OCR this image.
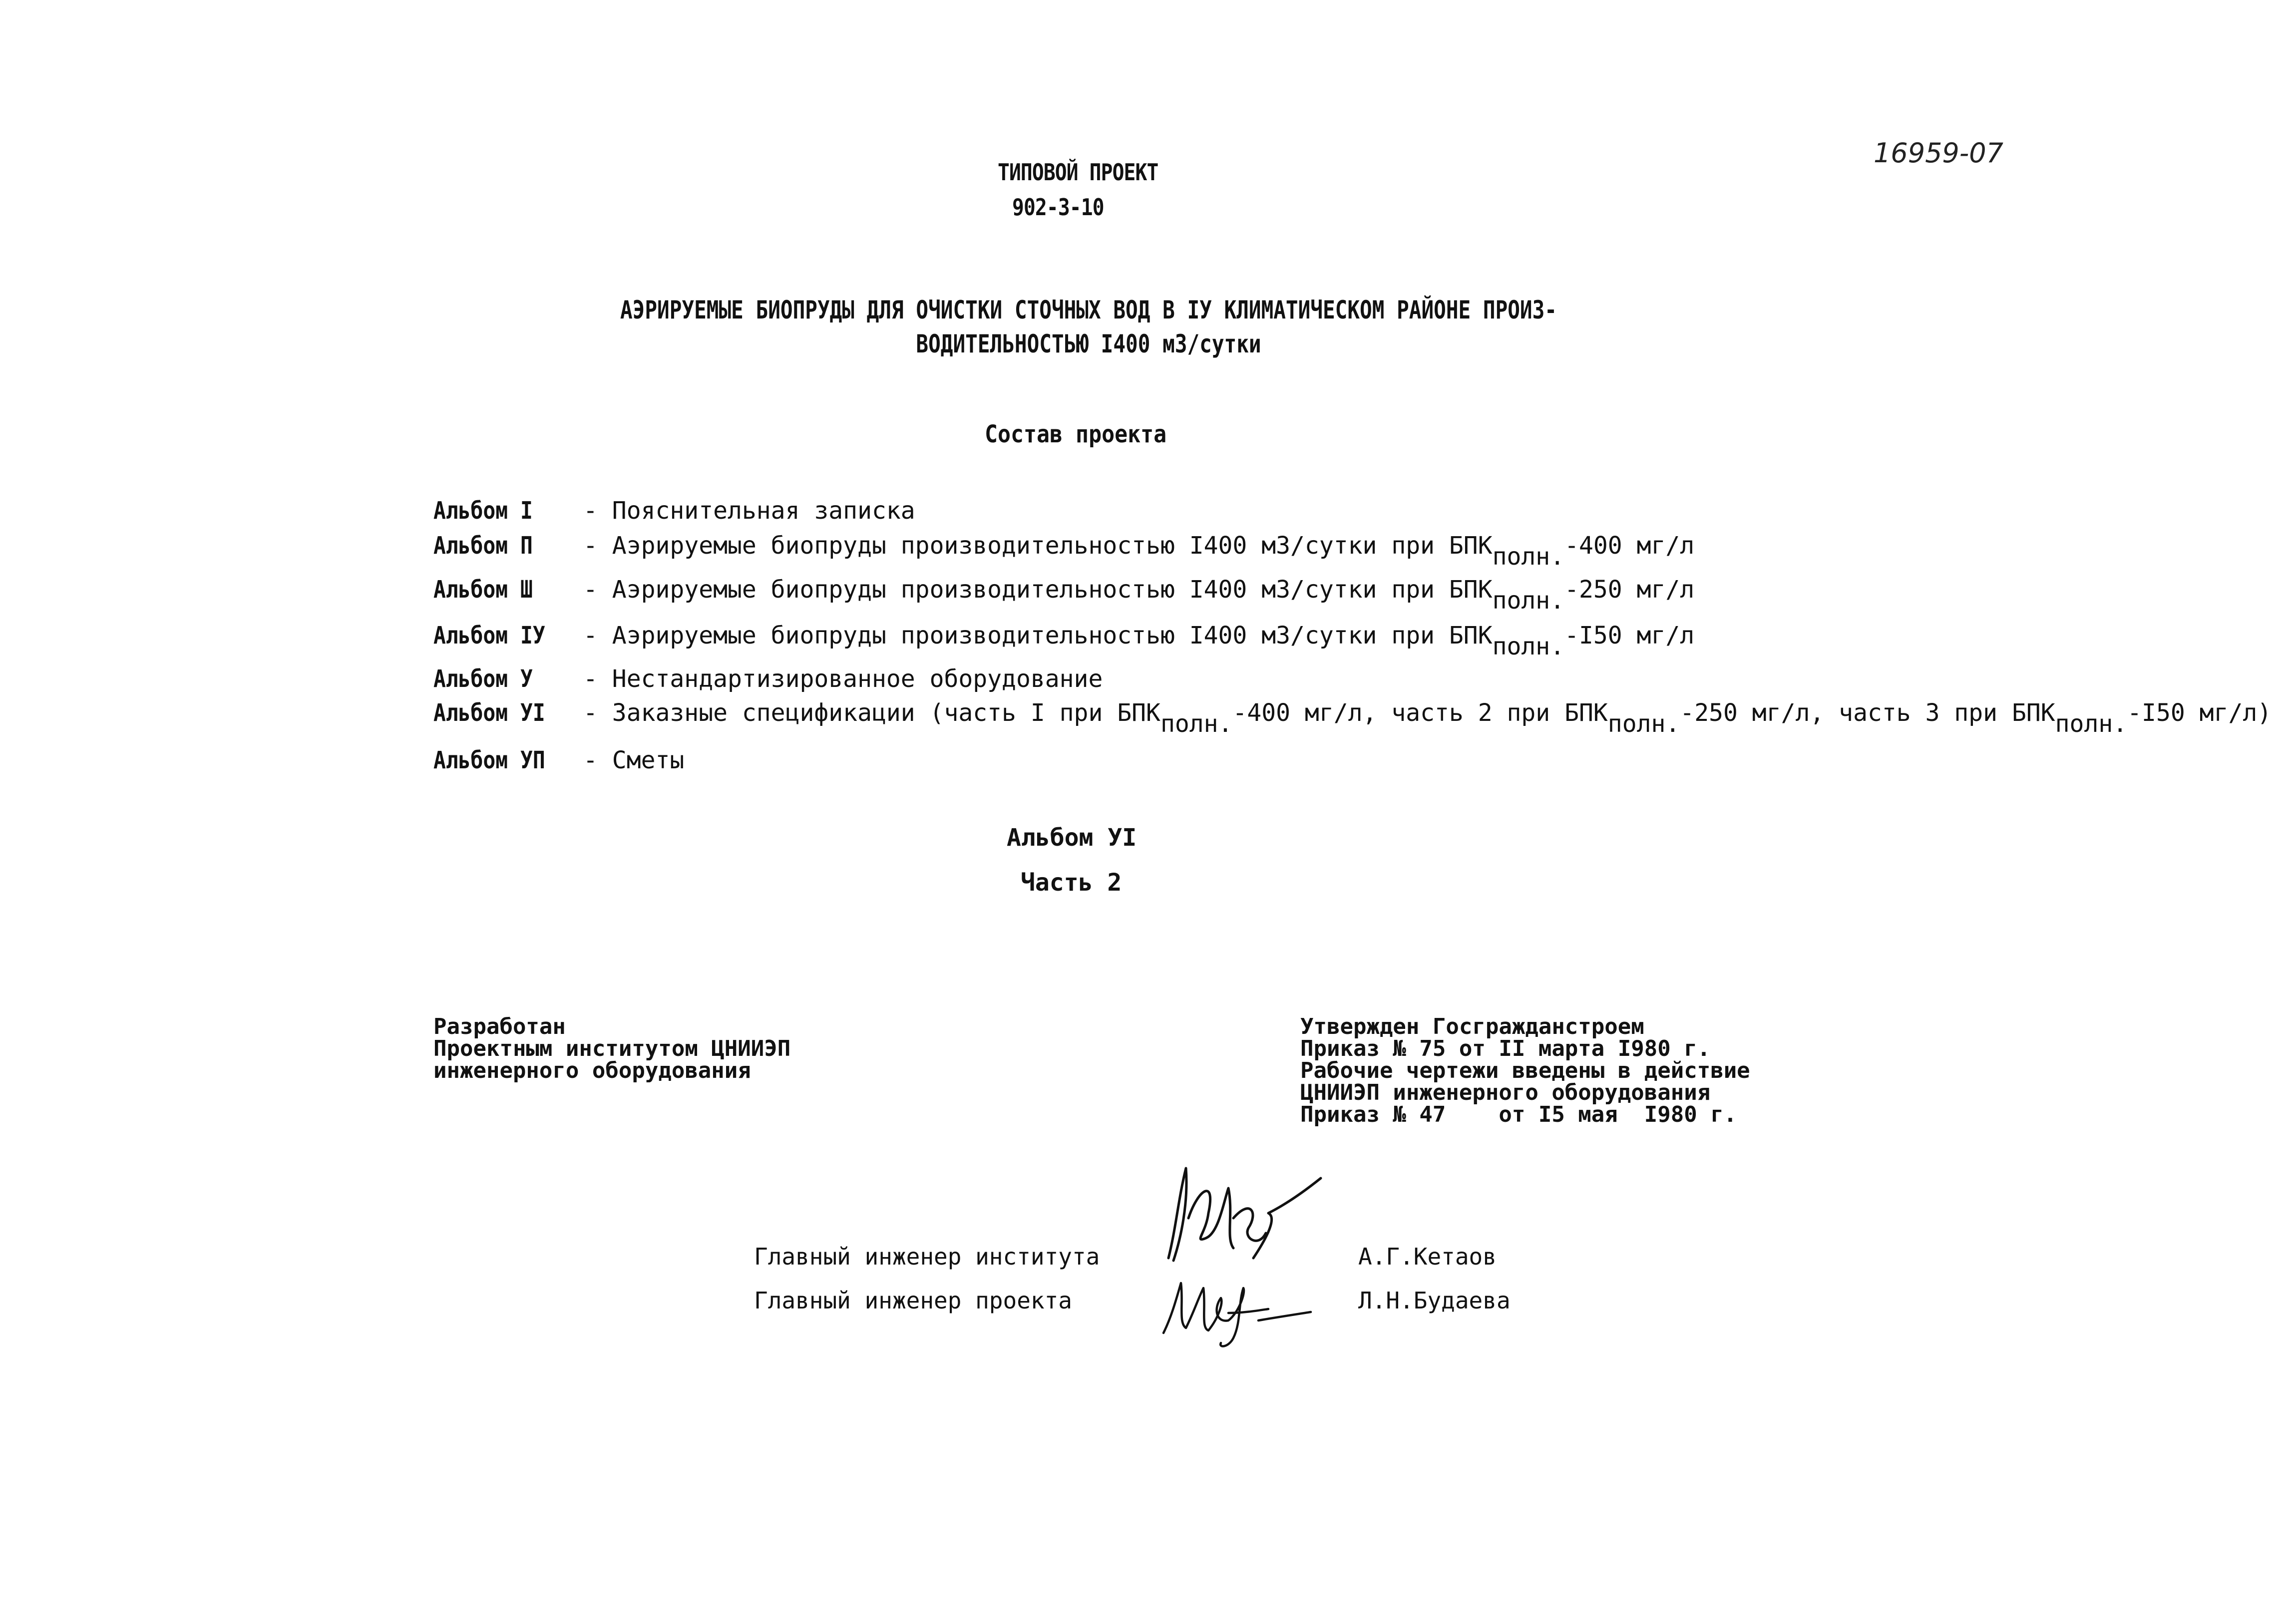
ТИПОВОЙ ПРОЕКТ
902-3-10
16959-07
АЭРИРУЕМЫЕ БИОПРУДЫ ДЛЯ ОЧИСТКИ СТОЧНЫХ ВОД В IУ КЛИМАТИЧЕСКОМ РАЙОНЕ ПРОИЗ-
ВОДИТЕЛЬНОСТЬЮ I400 м3/сутки
Состав проекта
Альбом I	- Пояснительная записка
Альбом П	- Аэрируемые биопруды производительностью I400 м3/сутки при $БПК_{полн.}-400$ мг/л
Альбом Ш	- Аэрируемые биопруды производительностью I400 м3/сутки при $БПК_{полн.}-250$ мг/л
Альбом IУ	- Аэрируемые биопруды производительностью I400 м3/сутки при $БПК_{полн.}-I50$ мг/л
Альбом У	- Нестандартизированное оборудование
Альбом УI	- Заказные спецификации (часть I при $БПК_{полн.}-400$ мг/л, часть 2 при $БПК_{полн.}-250$ мг/л, часть 3 при $БПК_{полн.}-I50$ мг/л)
Альбом УП	- Сметы
Альбом УI
Часть 2
Разработан
Проектным институтом ЦНИИЭП
инженерного оборудования
Утвержден Госгражданстроем
Приказ № 75 от II марта I980 г.
Рабочие чертежи введены в действие
ЦНИИЭП инженерного оборудования
Приказ № 47    от I5 мая  I980 г.
Главный инженер института	А.Г.Кетаов
Главный инженер проекта	Л.Н.Будаева
